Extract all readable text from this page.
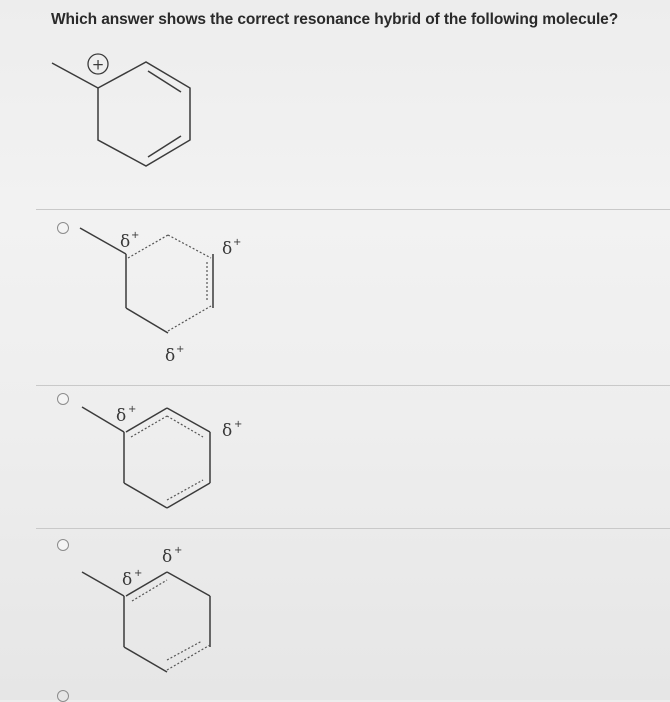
Which answer shows the correct resonance hybrid of the following molecule?
+
δ +
δ +
δ +
δ +
δ +
δ +
δ +
